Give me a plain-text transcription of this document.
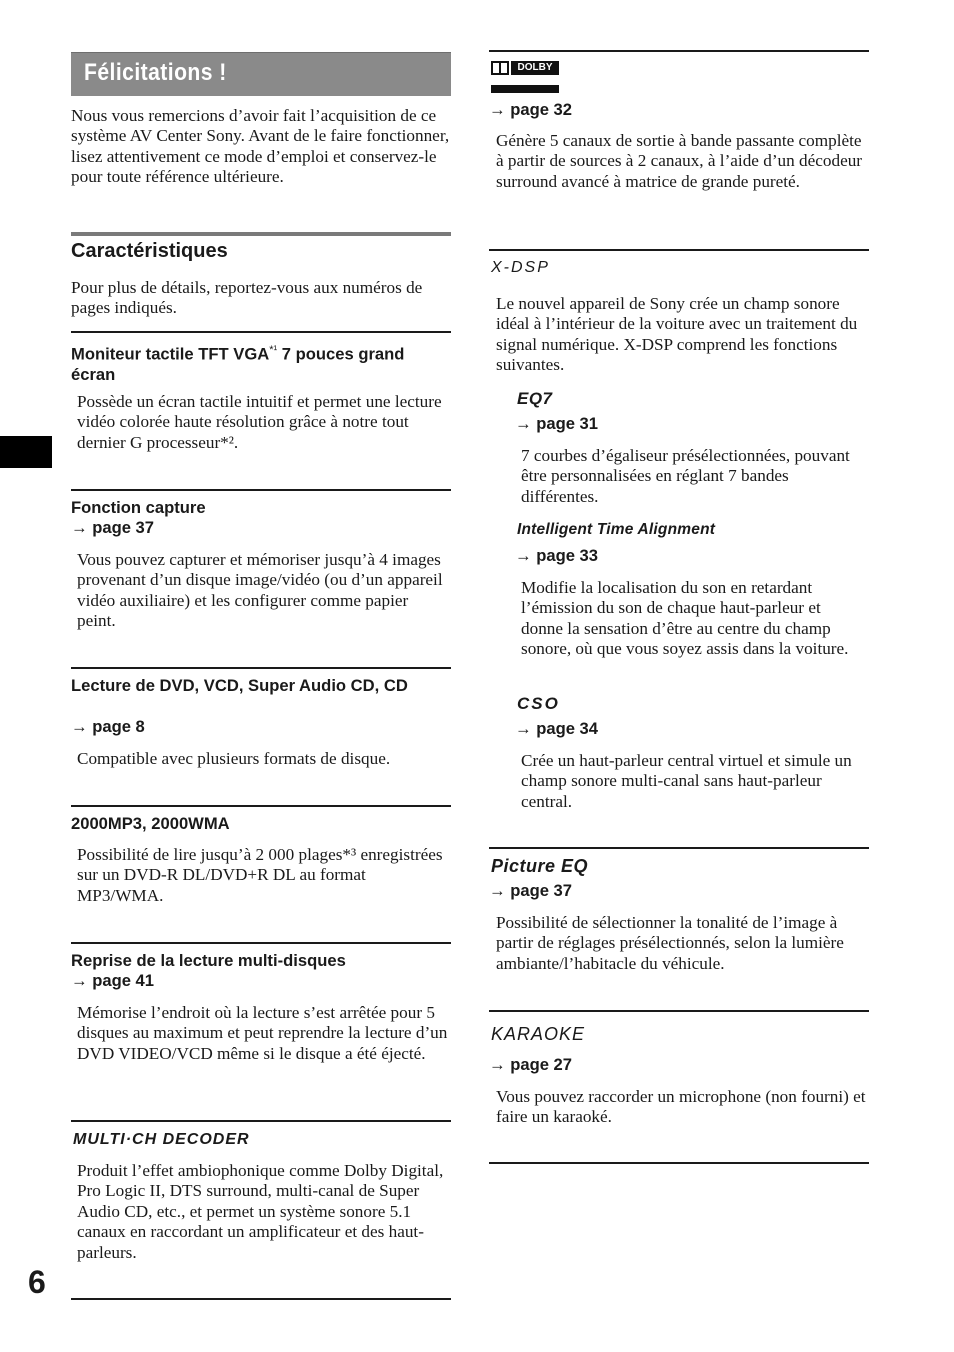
Félicitations !

Nous vous remercions d’avoir fait l’acquisition de ce système AV Center Sony. Avant de le faire fonctionner, lisez attentivement ce mode d’emploi et conservez-le pour toute référence ultérieure.

Caractéristiques

Pour plus de détails, reportez-vous aux numéros de pages indiqués.

Moniteur tactile TFT $VGA^{*^1}$ 7 pouces grand écran

Possède un écran tactile intuitif et permet une lecture vidéo colorée haute résolution grâce à notre tout dernier G processeur*².

Fonction capture
→ page 37

Vous pouvez capturer et mémoriser jusqu’à 4 images provenant d’un disque image/vidéo (ou d’un appareil vidéo auxiliaire) et les configurer comme papier peint.

Lecture de DVD, VCD, Super Audio CD, CD
→ page 8

Compatible avec plusieurs formats de disque.

2000MP3, 2000WMA

Possibilité de lire jusqu’à 2 000 plages*³ enregistrées sur un DVD-R DL/DVD+R DL au format MP3/WMA.

Reprise de la lecture multi-disques
→ page 41

Mémorise l’endroit où la lecture s’est arrêtée pour 5 disques au maximum et peut reprendre la lecture d’un DVD VIDEO/VCD même si le disque a été éjecté.

MULTI·CH DECODER

Produit l’effet ambiophonique comme Dolby Digital, Pro Logic II, DTS surround, multi-canal de Super Audio CD, etc., et permet un système sonore 5.1 canaux en raccordant un amplificateur et des haut-parleurs.

6
DOLBY
→ page 32

Génère 5 canaux de sortie à bande passante complète à partir de sources à 2 canaux, à l’aide d’un décodeur surround avancé à matrice de grande pureté.

X-DSP

Le nouvel appareil de Sony crée un champ sonore idéal à l’intérieur de la voiture avec un traitement du signal numérique. X-DSP comprend les fonctions suivantes.

EQ7
→ page 31

7 courbes d’égaliseur présélectionnées, pouvant être personnalisées en réglant 7 bandes différentes.

Intelligent Time Alignment
→ page 33

Modifie la localisation du son en retardant l’émission du son de chaque haut-parleur et donne la sensation d’être au centre du champ sonore, où que vous soyez assis dans la voiture.

CSO
→ page 34

Crée un haut-parleur central virtuel et simule un champ sonore multi-canal sans haut-parleur central.

Picture EQ
→ page 37

Possibilité de sélectionner la tonalité de l’image à partir de réglages présélectionnés, selon la lumière ambiante/l’habitacle du véhicule.

KARAOKE
→ page 27

Vous pouvez raccorder un microphone (non fourni) et faire un karaoké.
